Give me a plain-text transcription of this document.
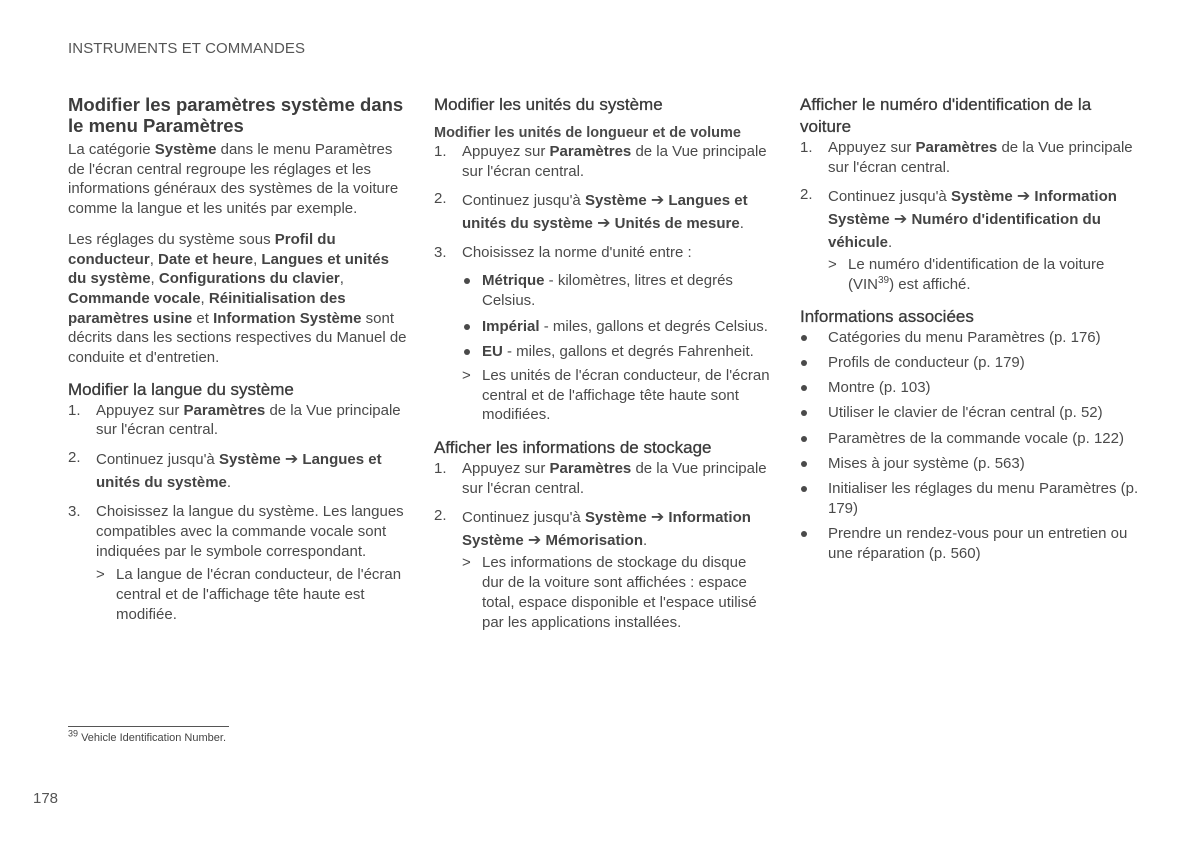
INSTRUMENTS ET COMMANDES
Modifier les paramètres système dans le menu Paramètres

La catégorie Système dans le menu Paramètres de l'écran central regroupe les réglages et les informations généraux des systèmes de la voiture comme la langue et les unités par exemple.

Les réglages du système sous Profil du conducteur, Date et heure, Langues et unités du système, Configurations du clavier, Commande vocale, Réinitialisation des paramètres usine et Information Système sont décrits dans les sections respectives du Manuel de conduite et d'entretien.

Modifier la langue du système
1. Appuyez sur Paramètres de la Vue principale sur l'écran central.
2. Continuez jusqu'à Système ➔ Langues et unités du système.
3. Choisissez la langue du système. Les langues compatibles avec la commande vocale sont indiquées par le symbole correspondant.
> La langue de l'écran conducteur, de l'écran central et de l'affichage tête haute est modifiée.
Modifier les unités du système
Modifier les unités de longueur et de volume
1. Appuyez sur Paramètres de la Vue principale sur l'écran central.
2. Continuez jusqu'à Système ➔ Langues et unités du système ➔ Unités de mesure.
3. Choisissez la norme d'unité entre :
Métrique - kilomètres, litres et degrés Celsius.
Impérial - miles, gallons et degrés Celsius.
EU - miles, gallons et degrés Fahrenheit.
> Les unités de l'écran conducteur, de l'écran central et de l'affichage tête haute sont modifiées.
Afficher les informations de stockage
1. Appuyez sur Paramètres de la Vue principale sur l'écran central.
2. Continuez jusqu'à Système ➔ Information Système ➔ Mémorisation.
> Les informations de stockage du disque dur de la voiture sont affichées : espace total, espace disponible et l'espace utilisé par les applications installées.
Afficher le numéro d'identification de la voiture
1. Appuyez sur Paramètres de la Vue principale sur l'écran central.
2. Continuez jusqu'à Système ➔ Information Système ➔ Numéro d'identification du véhicule.
> Le numéro d'identification de la voiture (VIN$^{39}$) est affiché.
Informations associées
Catégories du menu Paramètres (p. 176)
Profils de conducteur (p. 179)
Montre (p. 103)
Utiliser le clavier de l'écran central (p. 52)
Paramètres de la commande vocale (p. 122)
Mises à jour système (p. 563)
Initialiser les réglages du menu Paramètres (p. 179)
Prendre un rendez-vous pour un entretien ou une réparation (p. 560)
$^{39}$ Vehicle Identification Number.
178
